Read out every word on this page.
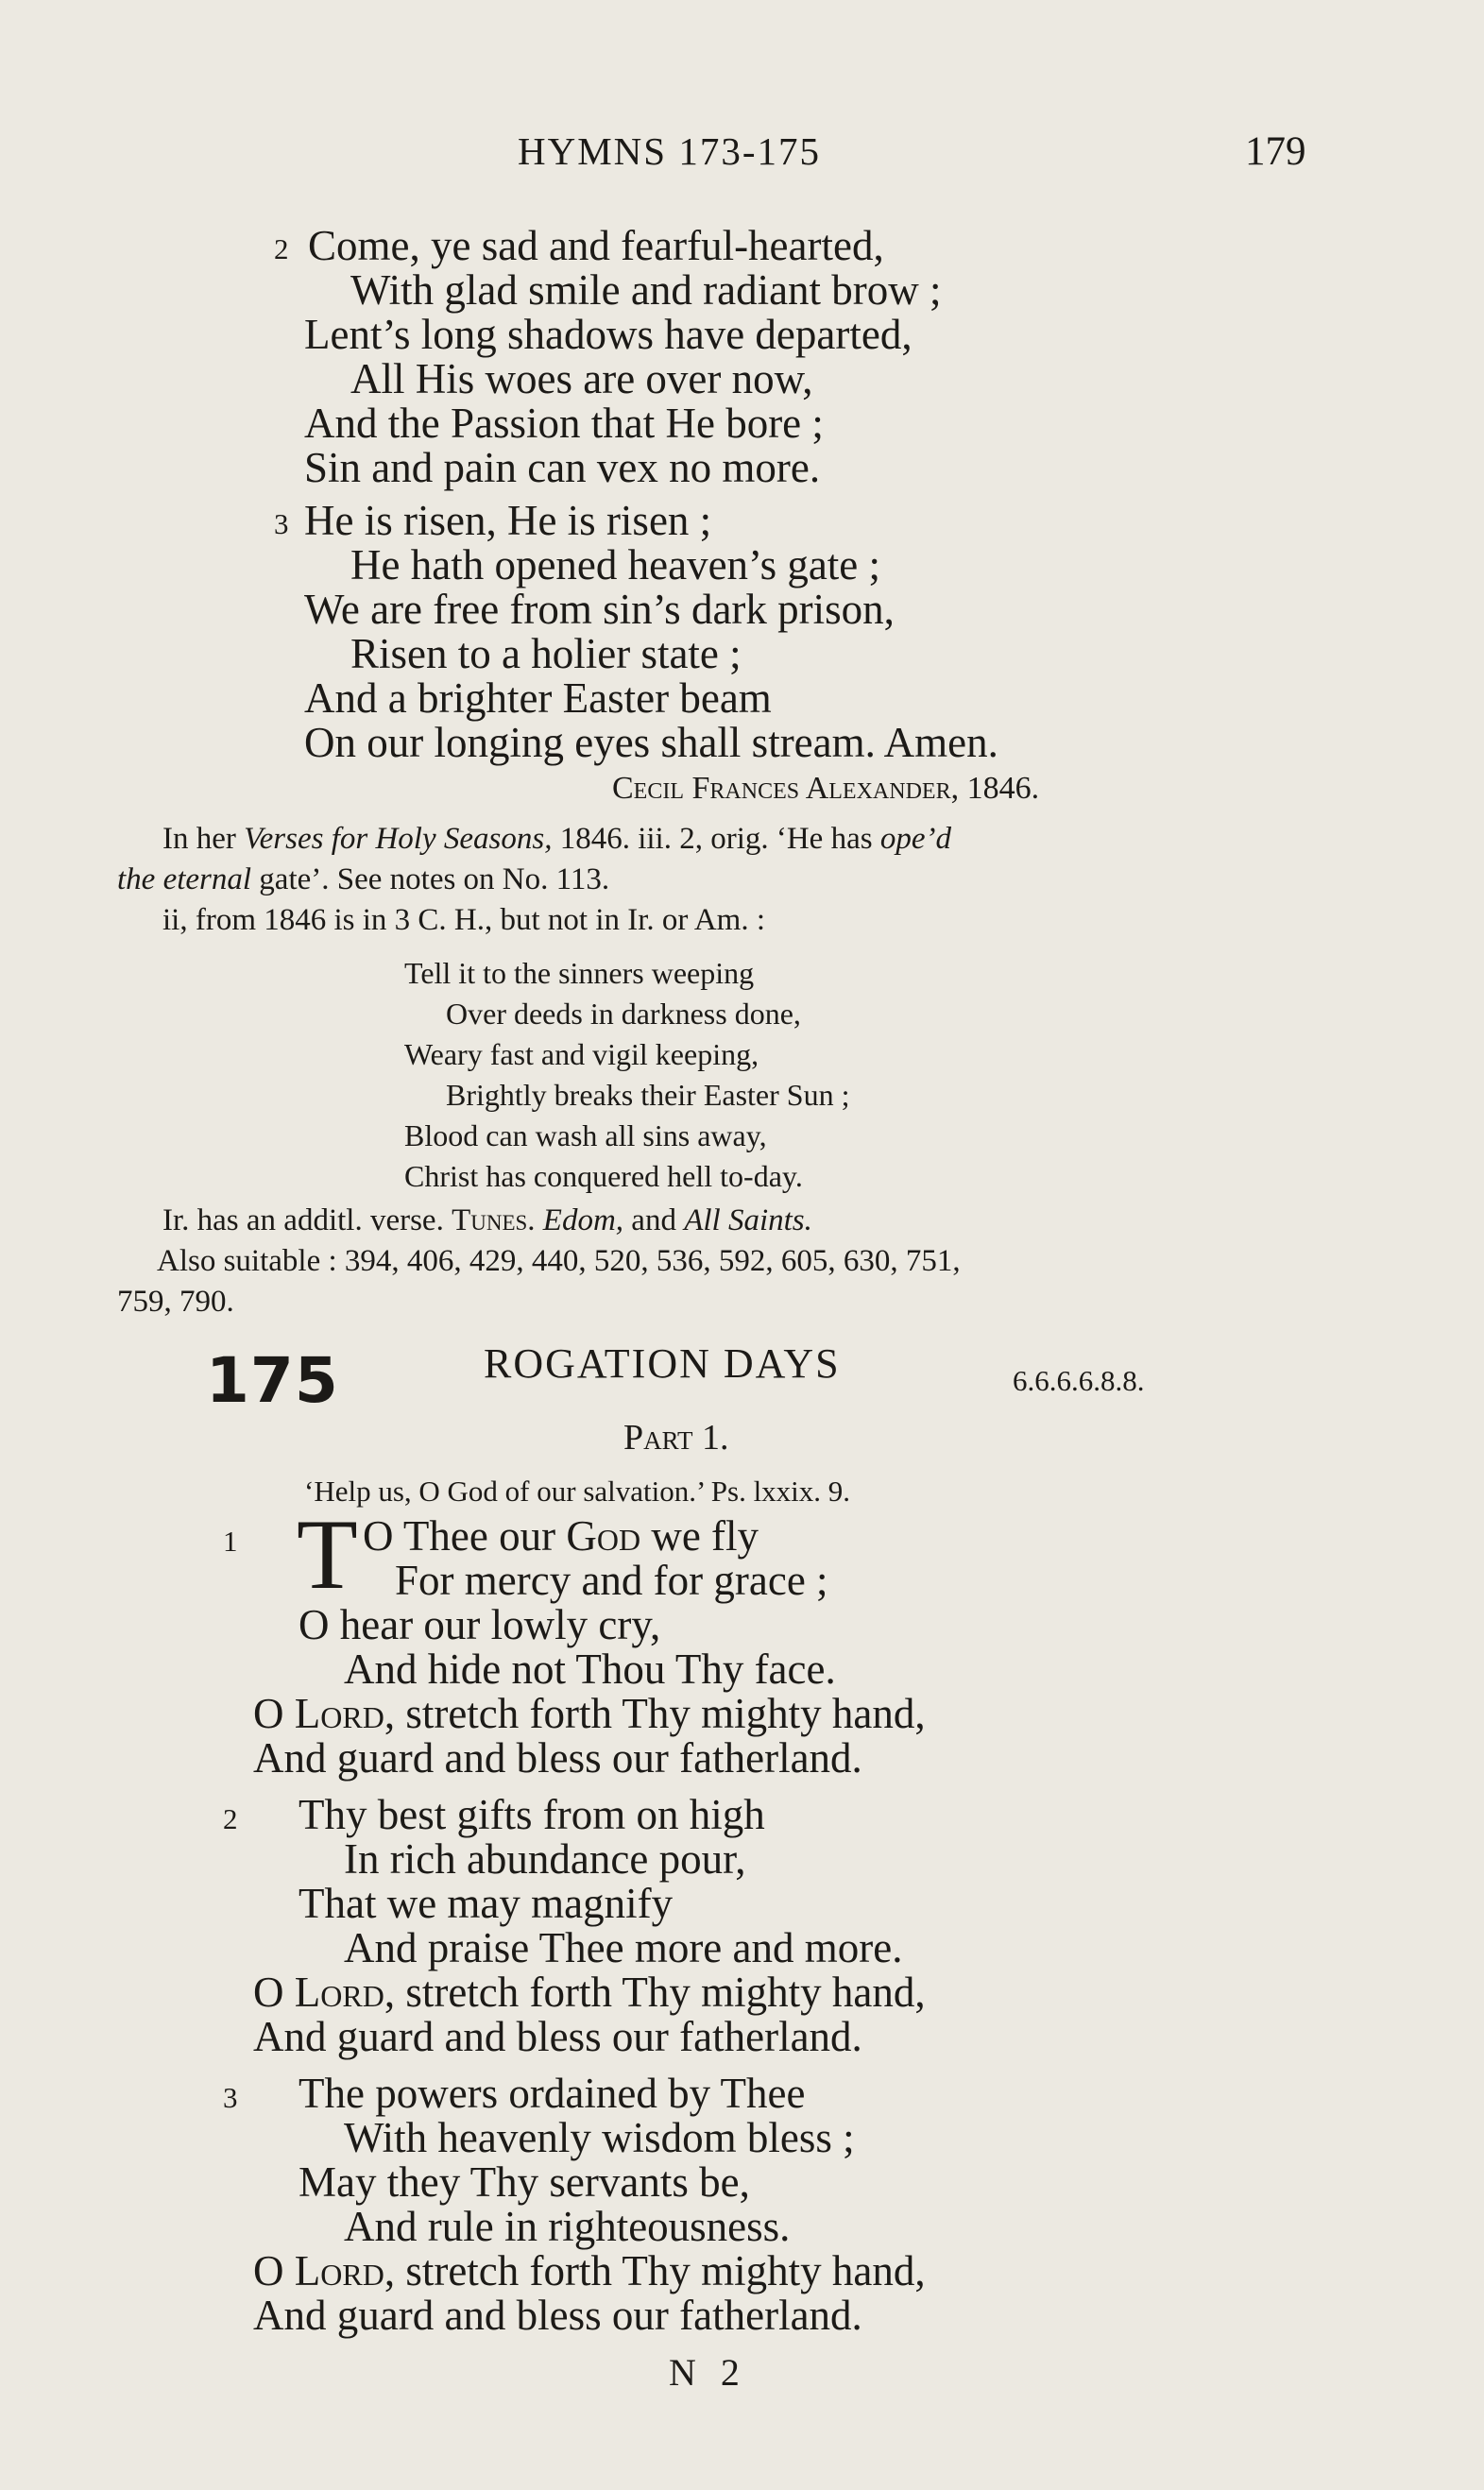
HYMNS 173-175	179
2 Come, ye sad and fearful-hearted,
With glad smile and radiant brow ;
Lent’s long shadows have departed,
All His woes are over now,
And the Passion that He bore ;
Sin and pain can vex no more.
3 He is risen, He is risen ;
He hath opened heaven’s gate ;
We are free from sin’s dark prison,
Risen to a holier state ;
And a brighter Easter beam
On our longing eyes shall stream. Amen.
Cecil Frances Alexander, 1846.
In her Verses for Holy Seasons, 1846. iii. 2, orig. ‘He has ope’d
the eternal gate’. See notes on No. 113.
ii, from 1846 is in 3 C. H., but not in Ir. or Am. :
Tell it to the sinners weeping
Over deeds in darkness done,
Weary fast and vigil keeping,
Brightly breaks their Easter Sun ;
Blood can wash all sins away,
Christ has conquered hell to-day.
Ir. has an additl. verse. Tunes. Edom, and All Saints.
Also suitable : 394, 406, 429, 440, 520, 536, 592, 605, 630, 751,
759, 790.
175	ROGATION DAYS	6.6.6.6.8.8.
Part 1.
‘Help us, O God of our salvation.’ Ps. lxxix. 9.
1 T O Thee our God we fly
For mercy and for grace ;
O hear our lowly cry,
And hide not Thou Thy face.
O Lord, stretch forth Thy mighty hand,
And guard and bless our fatherland.
2 Thy best gifts from on high
In rich abundance pour,
That we may magnify
And praise Thee more and more.
O Lord, stretch forth Thy mighty hand,
And guard and bless our fatherland.
3 The powers ordained by Thee
With heavenly wisdom bless ;
May they Thy servants be,
And rule in righteousness.
O Lord, stretch forth Thy mighty hand,
And guard and bless our fatherland.
N 2
